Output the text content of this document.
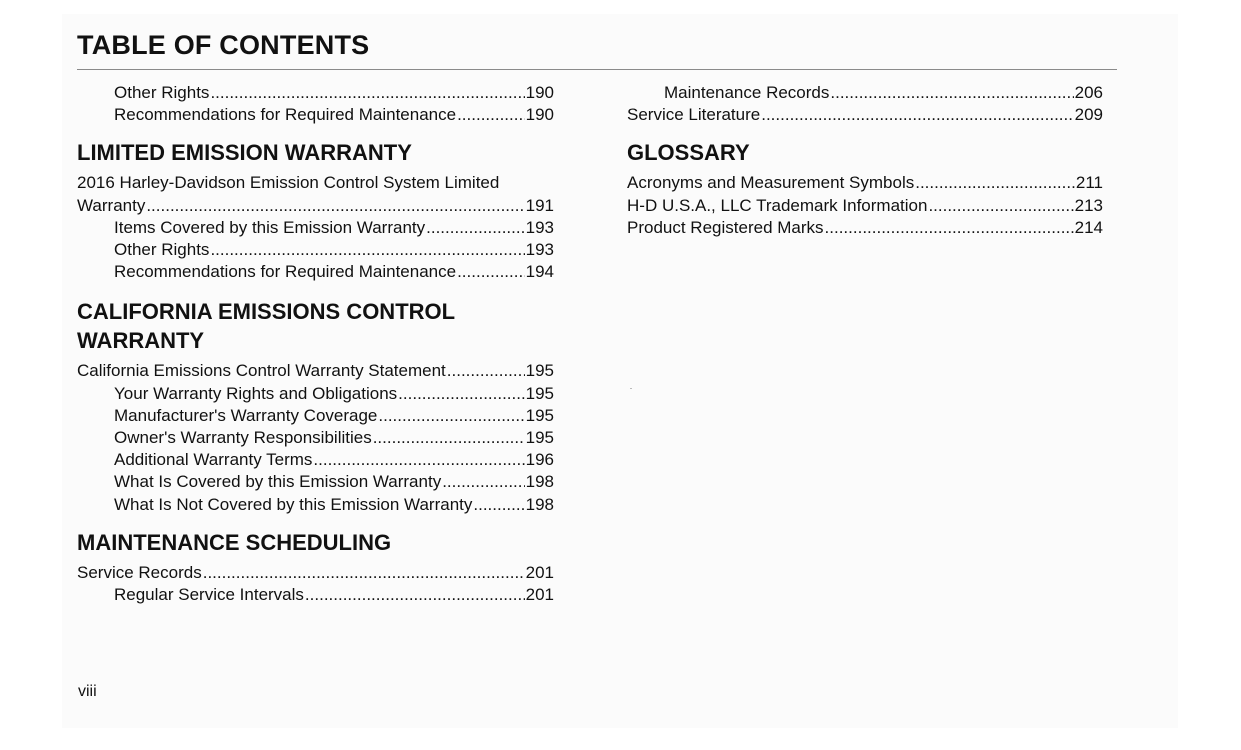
TABLE OF CONTENTS
Other Rights .....	190
Recommendations for Required Maintenance .....	190
LIMITED EMISSION WARRANTY
2016 Harley-Davidson Emission Control System Limited
Warranty .....	191
Items Covered by this Emission Warranty .....	193
Other Rights .....	193
Recommendations for Required Maintenance .....	194
CALIFORNIA EMISSIONS CONTROL
WARRANTY
California Emissions Control Warranty Statement .....	195
Your Warranty Rights and Obligations .....	195
Manufacturer's Warranty Coverage .....	195
Owner's Warranty Responsibilities .....	195
Additional Warranty Terms .....	196
What Is Covered by this Emission Warranty .....	198
What Is Not Covered by this Emission Warranty .....	198
MAINTENANCE SCHEDULING
Service Records .....	201
Regular Service Intervals .....	201
Maintenance Records .....	206
Service Literature .....	209
GLOSSARY
Acronyms and Measurement Symbols .....	211
H-D U.S.A., LLC Trademark Information .....	213
Product Registered Marks .....	214
viii
